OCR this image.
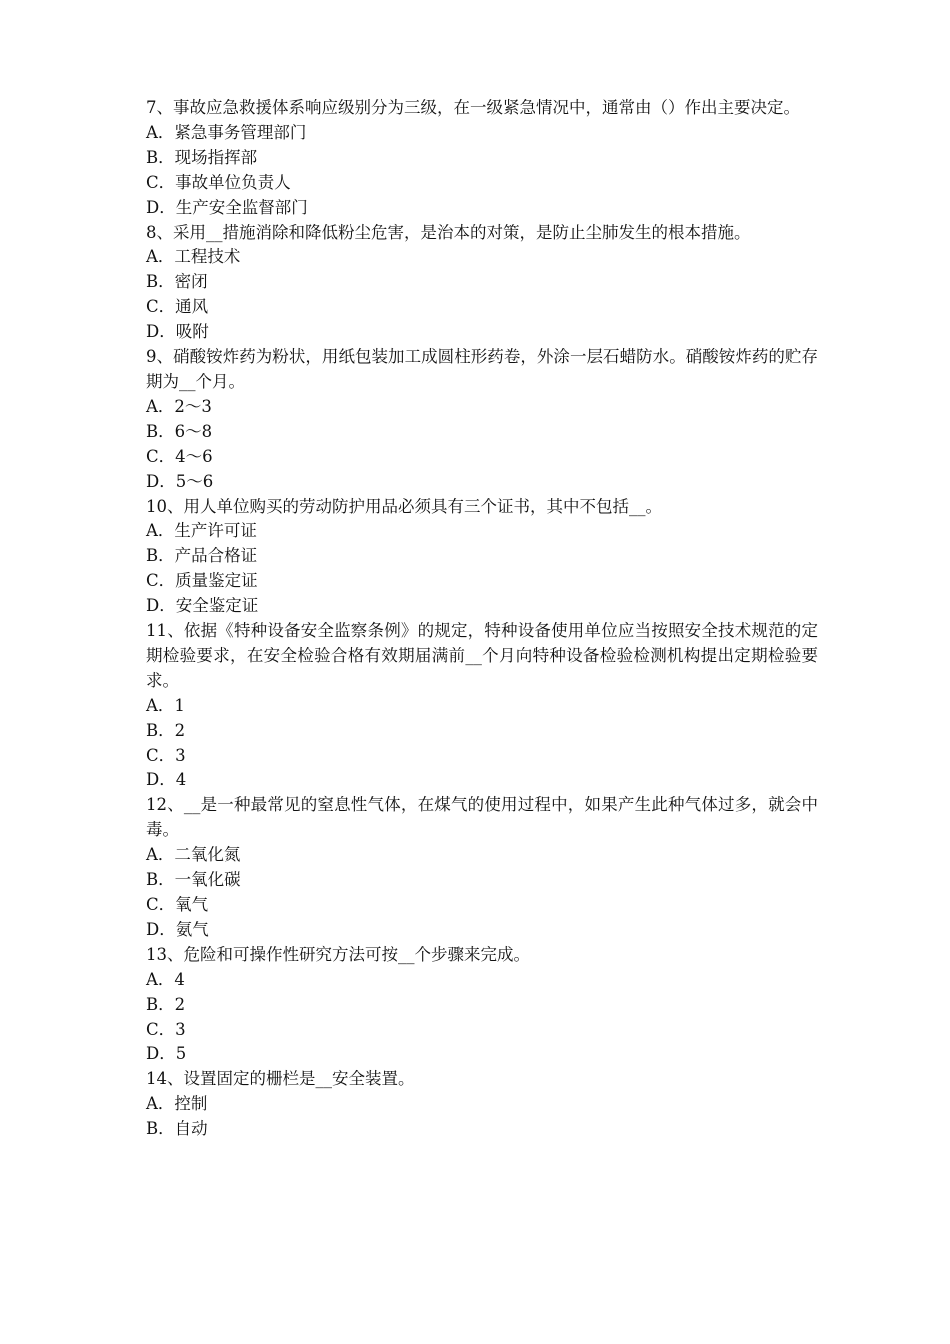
7、事故应急救援体系响应级别分为三级，在一级紧急情况中，通常由（）作出主要决定。

A．紧急事务管理部门

B．现场指挥部

C．事故单位负责人

D．生产安全监督部门

8、采用__措施消除和降低粉尘危害，是治本的对策，是防止尘肺发生的根本措施。

A．工程技术

B．密闭

C．通风

D．吸附

9、硝酸铵炸药为粉状，用纸包装加工成圆柱形药卷，外涂一层石蜡防水。硝酸铵炸药的贮存期为__个月。

A．2～3

B．6～8

C．4～6

D．5～6

10、用人单位购买的劳动防护用品必须具有三个证书，其中不包括__。

A．生产许可证

B．产品合格证

C．质量鉴定证

D．安全鉴定证

11、依据《特种设备安全监察条例》的规定，特种设备使用单位应当按照安全技术规范的定期检验要求，在安全检验合格有效期届满前__个月向特种设备检验检测机构提出定期检验要求。

A．1

B．2

C．3

D．4

12、__是一种最常见的窒息性气体，在煤气的使用过程中，如果产生此种气体过多，就会中毒。

A．二氧化氮

B．一氧化碳

C．氧气

D．氨气

13、危险和可操作性研究方法可按__个步骤来完成。

A．4

B．2

C．3

D．5

14、设置固定的栅栏是__安全装置。

A．控制

B．自动
